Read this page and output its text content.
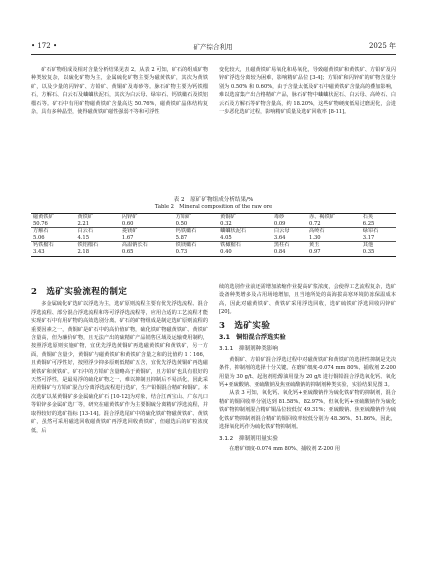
• 172 •	矿产综合利用	2025 年

矿石矿物组成及相对含量分析结果见表 2。从表 2 可知，矿石的组成矿物种类较复杂，以硫化矿物为主，金属硫化矿物主要为磁黄铁矿，其次为黄铁矿，以及少量的闪锌矿、方铅矿、黄铜矿及毒砂等。脉石矿物主要为钙铁榴石，方解石、白云石及蛐蛐状泥石，其次为白云母、绿帘石、钙铁橄石及铁铝榴石等。矿石中有用矿物磁黄铁矿含量高达 50.76%，磁黄铁矿晶体结构复杂，具有多种晶型，使得磁黄铁矿磁性强弱不等和可浮性

变化较大，且磁黄铁矿易氧化和易氧化，导致磁黄铁矿和黄铁矿、方铅矿及闪锌矿浮选分离较为困难，影响精矿品位 [3-4]；方铅矿和闪锌矿的矿物含量分别为 0.50% 和 0.60%，由于含量太低及矿石中磁黄铁矿含量高的叠加影响，难以选富集产出合格精矿产品，脉石矿物中蛐蛐状泥石、白云母、高岭石、白云石及方解石等矿物含量高，约 18.20%，这些矿物硬度低易过磨泥化，会进一步恶化选矿过程，影响精矿质量及选矿回收率 [8-11]。

表 2　原矿矿物组成分析结果/%
Table 2　Mineral composition of the raw ore
磁黄铁矿	黄铁矿	闪锌矿	方铅矿	黄铜矿	毒砂	赤、褐铁矿	石英
50.76	2.21	0.60	0.50	0.32	0.09	0.72	6.25
方解石	白云石	菱镁矿	钙铁橄石	蛐蛐状泥石	白云母	高岭石	绿帘石
5.06	4.15	1.67	5.87	4.05	3.64	1.30	3.17
钙铁榴石	铁铝榴石	高温钠长石	铁镁橄石	铁橄榴石	黑柱石	黄玉	其他
3.43	2.18	0.65	0.73	0.40	0.84	0.97	0.35
2　选矿实验流程的制定

多金属硫化矿选矿以浮选为主，选矿原则流程主要有优先浮选流程、混合浮选流程、部分混合浮选流程和等可浮浮选流程等，应用合适的工艺流程才能实现矿石中有用矿物的高效选别分离。矿石的矿物组成是制定选矿原则流程的重要因素之一，黄铜矿是矿石中的高价值矿物，硫化铁矿物磁黄铁矿、黄铁矿含量高，但为廉价矿物，且无法产出的硫精矿产品销售区域及运输费用制约，按照浮选原则实施矿物，宜优先浮选黄铜矿再选磁黄铁矿和黄铁矿，另一方面，黄铜矿含量少，黄铜矿与磁黄铁矿和黄铁矿含量之和的比值约 1∶166，且黄铜矿可浮性好，按照浮少抑多原则低精矿五含，宜优先浮选黄铜矿再选磁黄铁矿和黄铁矿。矿石中的方铅矿含量略高于黄铜矿，且方铅矿也具有很好的天然可浮性，是最易浮的硫化矿物之一，难以抑制且抑制后不易活化，因此采用黄铜矿与方铅矿混合/分离浮选流程进行选矿，生产铅铜混合精矿和铜矿。本次选矿以某黄铜矿多金属硫化矿石 [10-12]为对象，结合江西宝山、广东凡口等铅锌多金属矿选厂等，研究在磁黄铁矿作为主要铜硫分离精矿浮选流程，并取得较好的选矿指标 [13-14]。混合浮选尾矿中的硫化铁矿物磁黄铁矿、黄铁矿，虽然可采用磁选回收磁黄铁矿再浮选回收黄铁矿，但磁选后的矿粒浓度低，后

续的选别作业前还需增加浓缩作业提高矿浆浓度，会使得工艺流程复杂，选矿设备种类增多及占用场地增加，且当地所处的高海拔高寒环境防冻保温成本高，因此对磁黄铁矿、黄铁矿采用浮选回收，选矿硫铁矿浮选回收闪锌矿 [20]。

3　选矿实验
3.1　铜铅混合浮选实验
3.1.1　抑制剂种类影响

黄铜矿、方铅矿混合浮选过程中对磁黄铁矿和黄铁矿的选择性抑制是先决条件，抑制剂的选择十分关键。在磨矿细度-0.074 mm 80%、捕收剂 Z-200 用量为 30 g/t、起泡剂松醇油用量为 20 g/t 进行铜铅混合浮选氧化钙、氧化钙+亚硫酸钠、亚硫酸钠及焦亚硫酸钠的抑制剂种类实验，实验结果见图 3。

从表 3 可知，氧化钙、氧化钙+亚硫酸钠作为硫化铁矿物的抑制剂，混合精矿的铜回收率分别达到 81.58%、82.97%，但氧化钙+亚硫酸钠作为硫化铁矿物抑制剂混合精矿铜品位较低仅 49.31%；亚硫酸钠、焦亚硫酸钠作为硫化铁矿物抑制剂混合精矿的铜回收率较低分别为 48.36%、51.86%。因此，选择氧化钙作为硫化铁矿物抑制剂。

3.1.2　抑制剂用量实验

在磨矿细度-0.074 mm 80%、捕收剂 Z-200 用
